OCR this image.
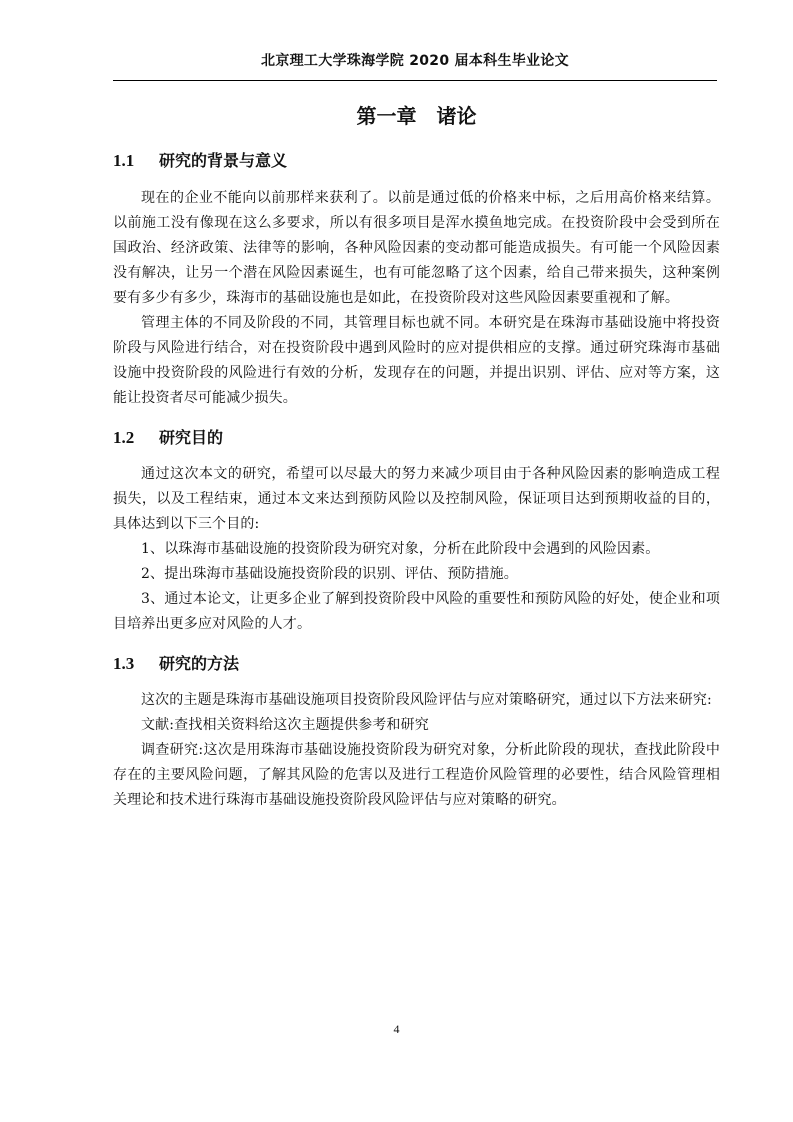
北京理工大学珠海学院 2020 届本科生毕业论文
第一章 诸论
1.1 研究的背景与意义

现在的企业不能向以前那样来获利了。以前是通过低的价格来中标，之后用高价格来结算。以前施工没有像现在这么多要求，所以有很多项目是浑水摸鱼地完成。在投资阶段中会受到所在国政治、经济政策、法律等的影响，各种风险因素的变动都可能造成损失。有可能一个风险因素没有解决，让另一个潜在风险因素诞生，也有可能忽略了这个因素，给自己带来损失，这种案例要有多少有多少，珠海市的基础设施也是如此，在投资阶段对这些风险因素要重视和了解。

管理主体的不同及阶段的不同，其管理目标也就不同。本研究是在珠海市基础设施中将投资阶段与风险进行结合，对在投资阶段中遇到风险时的应对提供相应的支撑。通过研究珠海市基础设施中投资阶段的风险进行有效的分析，发现存在的问题，并提出识别、评估、应对等方案，这能让投资者尽可能减少损失。

1.2 研究目的

通过这次本文的研究，希望可以尽最大的努力来减少项目由于各种风险因素的影响造成工程损失，以及工程结束，通过本文来达到预防风险以及控制风险，保证项目达到预期收益的目的，具体达到以下三个目的:

1、以珠海市基础设施的投资阶段为研究对象，分析在此阶段中会遇到的风险因素。

2、提出珠海市基础设施投资阶段的识别、评估、预防措施。

3、通过本论文，让更多企业了解到投资阶段中风险的重要性和预防风险的好处，使企业和项目培养出更多应对风险的人才。

1.3 研究的方法

这次的主题是珠海市基础设施项目投资阶段风险评估与应对策略研究，通过以下方法来研究:

文献:查找相关资料给这次主题提供参考和研究

调查研究:这次是用珠海市基础设施投资阶段为研究对象，分析此阶段的现状，查找此阶段中存在的主要风险问题，了解其风险的危害以及进行工程造价风险管理的必要性，结合风险管理相关理论和技术进行珠海市基础设施投资阶段风险评估与应对策略的研究。

4
